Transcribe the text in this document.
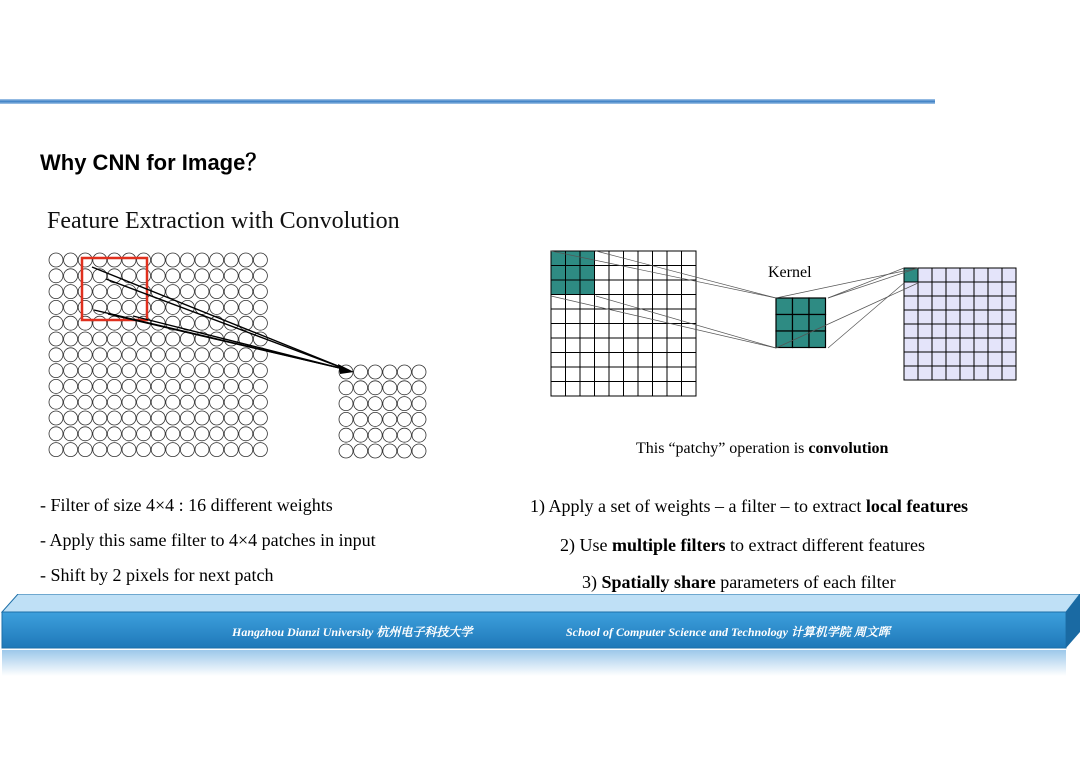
Why CNN for Image？
Feature Extraction with Convolution
Kernel
This “patchy” operation is convolution
- Filter of size 4×4 : 16 different weights
- Apply this same filter to 4×4 patches in input
- Shift by 2 pixels for next patch
1) Apply a set of weights – a filter – to extract local features
2) Use multiple filters to extract different features
3) Spatially share parameters of each filter
Hangzhou Dianzi University 杭州电子科技大学	School of Computer Science and Technology 计算机学院 周文晖
